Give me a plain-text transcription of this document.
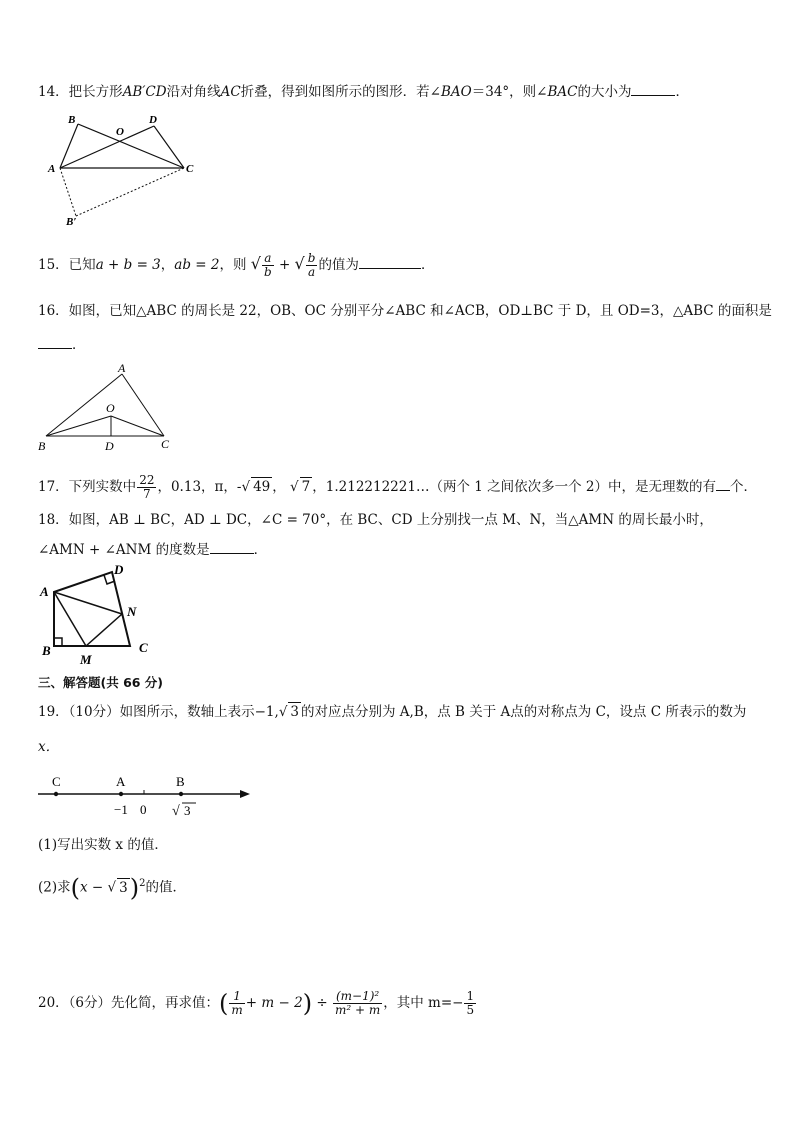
14．把长方形AB′CD沿对角线AC折叠，得到如图所示的图形．若∠BAO＝34°，则∠BAC的大小为	．
B
O
D
A	C
B′
15．已知a + b = 3，ab = 2，则 √ $\frac{a}{b}$ + √ $\frac{b}{a}$ 的值为	．
16．如图，已知△ABC 的周长是 22，OB、OC 分别平分∠ABC 和∠ACB，OD⊥BC 于 D，且 OD=3，△ABC 的面积是
．
A
O
B	D	C
17．下列实数中 $\frac{22}{7}$ ，0.13，π，-√ 49 ， √ 7 ，1.212212221…（两个 1 之间依次多一个 2）中，是无理数的有 个．
18．如图，AB ⊥ BC，AD ⊥ DC，∠C = 70°，在 BC、CD 上分别找一点 M、N，当△AMN 的周长最小时，
∠AMN + ∠ANM 的度数是	．
D
A
N
B
M
C
三、解答题(共 66 分)
19．（10分）如图所示，数轴上表示−1,√ 3 的对应点分别为 A,B，点 B 关于 A点的对称点为 C，设点 C 所表示的数为
x．
C	A	B
−1 0 √ 3
(1)写出实数 x 的值．
(2)求(x − √ 3)$^2$的值．
20．（6分）先化简，再求值：( $\frac{1}{m} + m - 2) \div \frac{\text{(m−1)²}}{\text{m² + m}}$ ，其中 $m=- \frac{1}{5}$
